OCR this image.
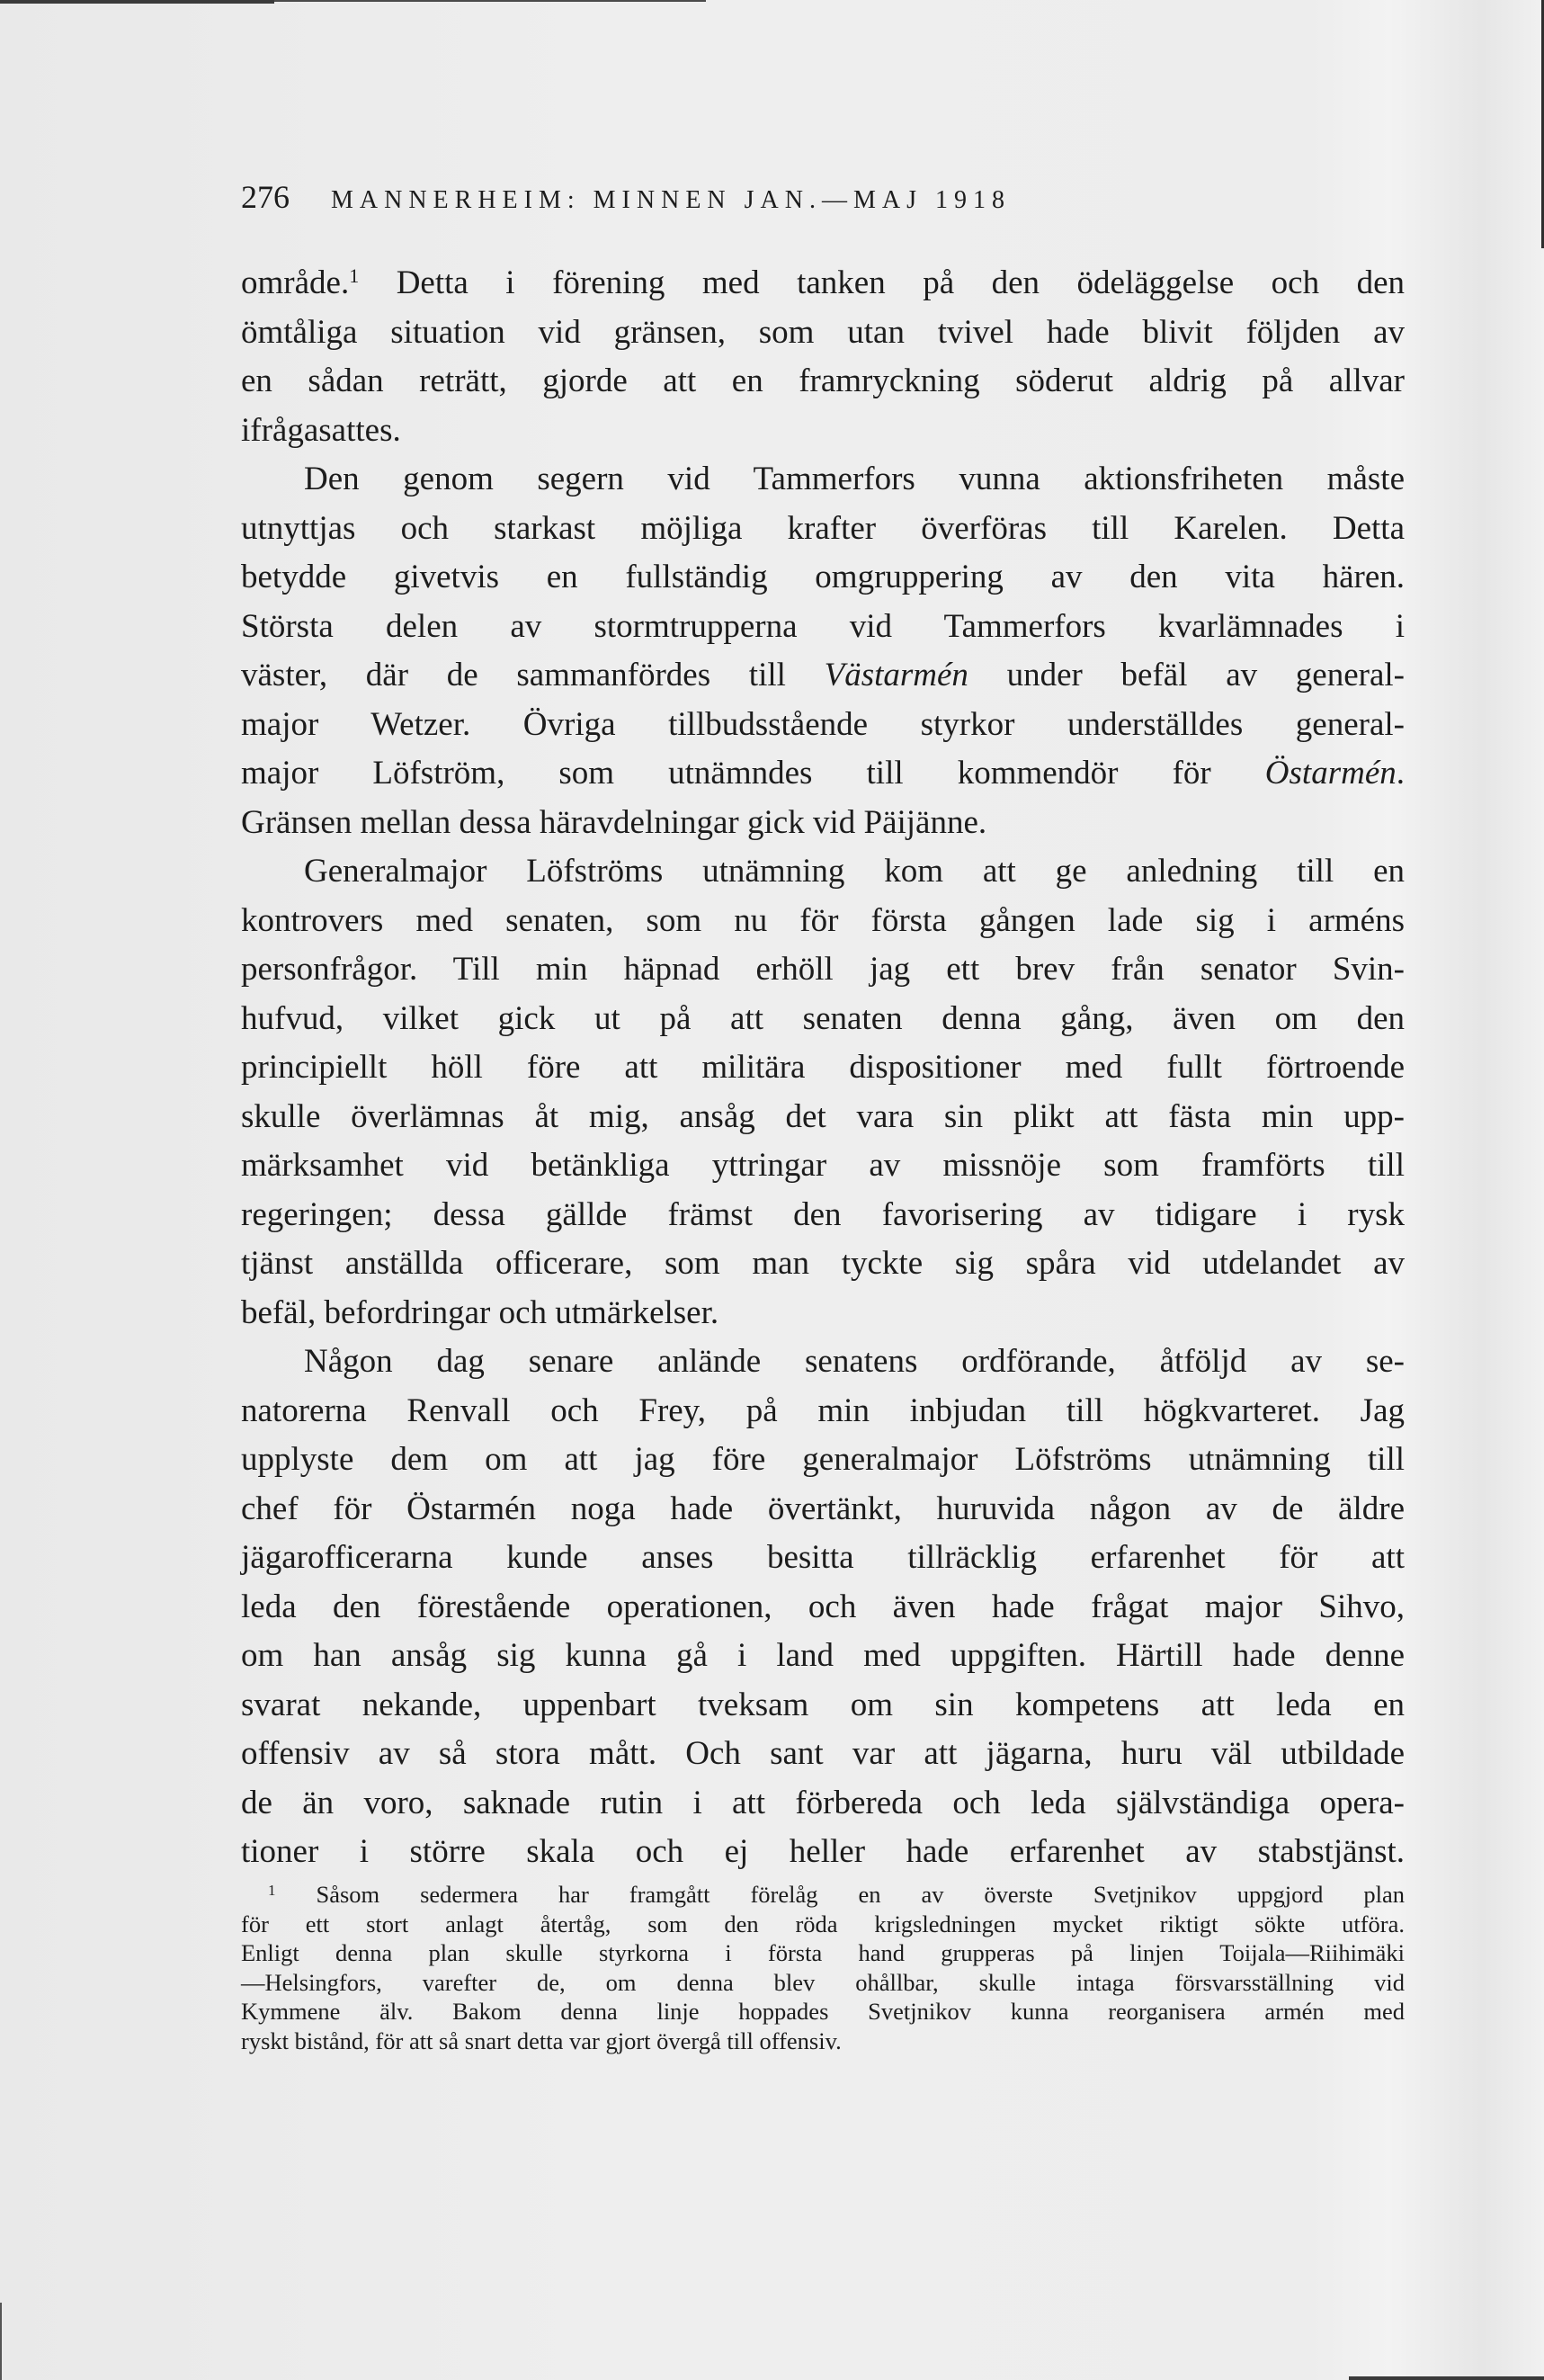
276 MANNERHEIM: MINNEN JAN.—MAJ 1918
område.$^1$ Detta i förening med tanken på den ödeläggelse och den
ömtåliga situation vid gränsen, som utan tvivel hade blivit följden av
en sådan reträtt, gjorde att en framryckning söderut aldrig på allvar
ifrågasattes.
Den genom segern vid Tammerfors vunna aktionsfriheten måste
utnyttjas och starkast möjliga krafter överföras till Karelen. Detta
betydde givetvis en fullständig omgruppering av den vita hären.
Största delen av stormtrupperna vid Tammerfors kvarlämnades i
väster, där de sammanfördes till Västarmén under befäl av general-
major Wetzer. Övriga tillbudsstående styrkor underställdes general-
major Löfström, som utnämndes till kommendör för Östarmén.
Gränsen mellan dessa häravdelningar gick vid Päijänne.
Generalmajor Löfströms utnämning kom att ge anledning till en
kontrovers med senaten, som nu för första gången lade sig i arméns
personfrågor. Till min häpnad erhöll jag ett brev från senator Svin-
hufvud, vilket gick ut på att senaten denna gång, även om den
principiellt höll före att militära dispositioner med fullt förtroende
skulle överlämnas åt mig, ansåg det vara sin plikt att fästa min upp-
märksamhet vid betänkliga yttringar av missnöje som framförts till
regeringen; dessa gällde främst den favorisering av tidigare i rysk
tjänst anställda officerare, som man tyckte sig spåra vid utdelandet av
befäl, befordringar och utmärkelser.
Någon dag senare anlände senatens ordförande, åtföljd av se-
natorerna Renvall och Frey, på min inbjudan till högkvarteret. Jag
upplyste dem om att jag före generalmajor Löfströms utnämning till
chef för Östarmén noga hade övertänkt, huruvida någon av de äldre
jägarofficerarna kunde anses besitta tillräcklig erfarenhet för att
leda den förestående operationen, och även hade frågat major Sihvo,
om han ansåg sig kunna gå i land med uppgiften. Härtill hade denne
svarat nekande, uppenbart tveksam om sin kompetens att leda en
offensiv av så stora mått. Och sant var att jägarna, huru väl utbildade
de än voro, saknade rutin i att förbereda och leda självständiga opera-
tioner i större skala och ej heller hade erfarenhet av stabstjänst.
$^1$ Såsom sedermera har framgått förelåg en av överste Svetjnikov uppgjord plan
för ett stort anlagt återtåg, som den röda krigsledningen mycket riktigt sökte utföra.
Enligt denna plan skulle styrkorna i första hand grupperas på linjen Toijala—Riihimäki
—Helsingfors, varefter de, om denna blev ohållbar, skulle intaga försvarsställning vid
Kymmene älv. Bakom denna linje hoppades Svetjnikov kunna reorganisera armén med
ryskt bistånd, för att så snart detta var gjort övergå till offensiv.
